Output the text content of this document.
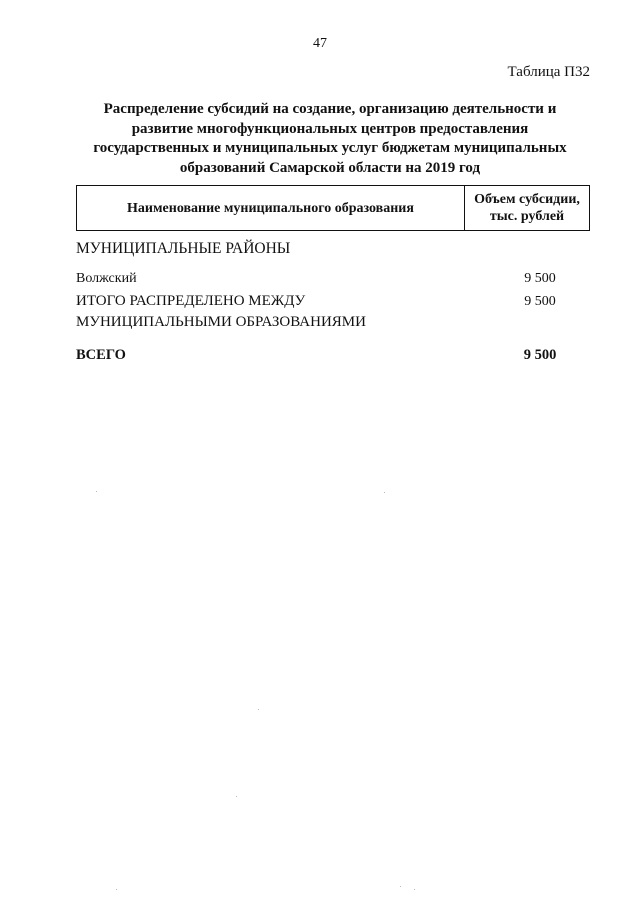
47
Таблица П32
Распределение субсидий на создание, организацию деятельности и
развитие многофункциональных центров предоставления
государственных и муниципальных услуг бюджетам муниципальных
образований Самарской области на 2019 год
Наименование муниципального образования
Объем субсидии,
тыс. рублей
МУНИЦИПАЛЬНЫЕ РАЙОНЫ
Волжский	9 500
ИТОГО РАСПРЕДЕЛЕНО МЕЖДУ
МУНИЦИПАЛЬНЫМИ ОБРАЗОВАНИЯМИ
9 500
ВСЕГО	9 500
